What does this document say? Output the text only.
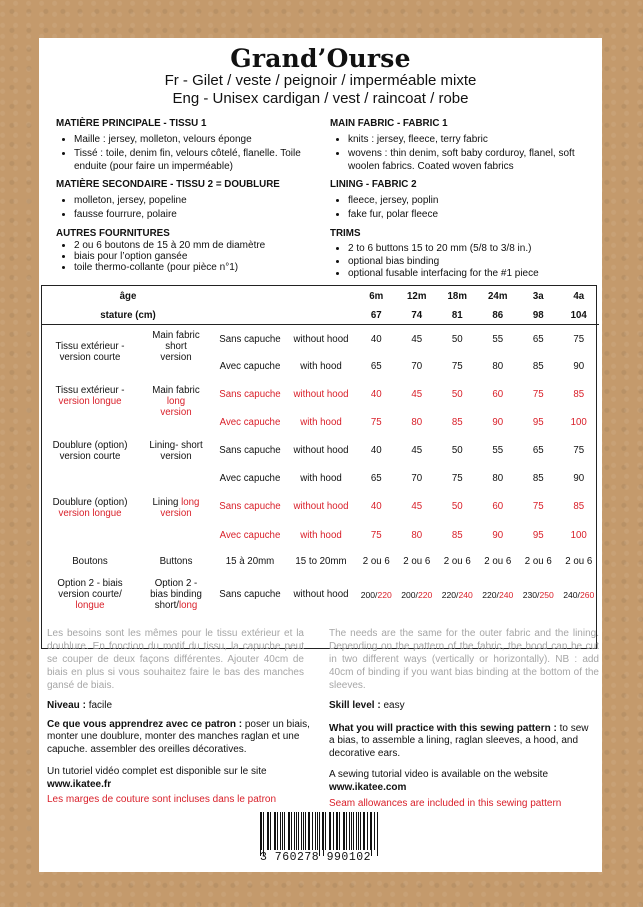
Grand’Ourse
Fr - Gilet / veste / peignoir / imperméable mixte
Eng - Unisex cardigan / vest / raincoat / robe
MATIÈRE PRINCIPALE - TISSU 1
• Maille : jersey, molleton, velours éponge
• Tissé : toile, denim fin, velours côtelé, flanelle. Toile enduite (pour faire un imperméable)
MATIÈRE SECONDAIRE - TISSU 2 = DOUBLURE
• molleton, jersey, popeline
• fausse fourrure, polaire
AUTRES FOURNITURES
• 2 ou 6 boutons de 15 à 20 mm de diamètre
• biais pour l’option gansée
• toile thermo-collante (pour pièce n°1)
MAIN FABRIC - FABRIC 1
• knits : jersey, fleece, terry fabric
• wovens : thin denim, soft baby corduroy, flanel, soft woolen fabrics. Coated woven fabrics
LINING - FABRIC 2
• fleece, jersey, poplin
• fake fur, polar fleece
TRIMS
• 2 to 6 buttons 15 to 20 mm (5/8 to 3/8 in.)
• optional bias binding
• optional fusable interfacing for the #1 piece
âge				6m	12m	18m	24m	3a	4a
stature (cm)				67	74	81	86	98	104
Tissu extérieur -
version courte	Main fabric
short
version	Sans capuche	without hood	40	45	50	55	65	75
		Avec capuche	with hood	65	70	75	80	85	90
Tissu extérieur -
version longue	Main fabric
long
version	Sans capuche	without hood	40	45	50	60	75	85
		Avec capuche	with hood	75	80	85	90	95	100
Doublure (option)
version courte	Lining- short
version	Sans capuche	without hood	40	45	50	55	65	75
		Avec capuche	with hood	65	70	75	80	85	90
Doublure (option)
version longue	Lining long
version	Sans capuche	without hood	40	45	50	60	75	85
		Avec capuche	with hood	75	80	85	90	95	100
Boutons	Buttons	15 à 20mm	15 to 20mm	2 ou 6	2 ou 6	2 ou 6	2 ou 6	2 ou 6	2 ou 6
Option 2 - biais
version courte/
longue	Option 2 -
bias binding
short/long	Sans capuche	without hood	200/220	200/220	220/240	220/240	230/250	240/260
Les besoins sont les mêmes pour le tissu extérieur et la doublure. En fonction du motif du tissu, la capuche peut se couper de deux façons différentes. Ajouter 40cm de biais en plus si vous souhaitez faire le bas des manches gansé de biais.
The needs are the same for the outer fabric and the lining. Depending on the pattern of the fabric, the hood can be cut in two different ways (vertically or horizontally). NB : add 40cm of binding if you want bias binding at the bottom of the sleeves.
Niveau : facile
Ce que vous apprendrez avec ce patron : poser un biais, monter une doublure, monter des manches raglan et une capuche. assembler des oreilles décoratives.
Un tutoriel vidéo complet est disponible sur le site
www.ikatee.fr
Les marges de couture sont incluses dans le patron
Skill level : easy
What you will practice with this sewing pattern : to sew a bias, to assemble a lining, raglan sleeves, a hood, and decorative ears.
A sewing tutorial video is available on the website
www.ikatee.com
Seam allowances are included in this sewing pattern
3 760278 990102
